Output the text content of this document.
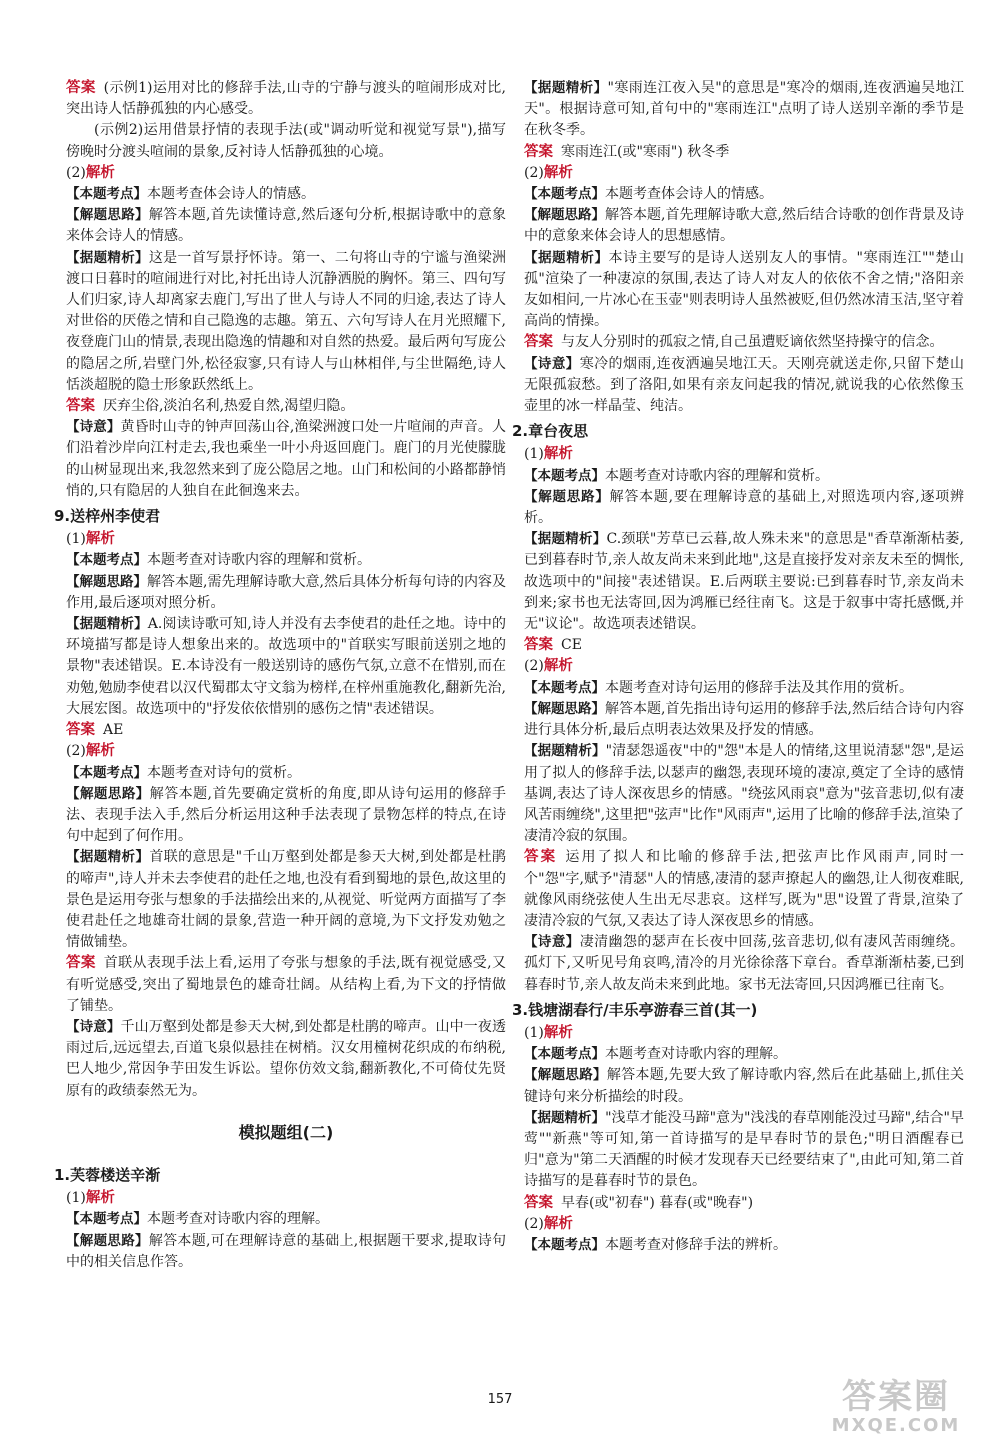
答案 (示例1)运用对比的修辞手法,山寺的宁静与渡头的喧闹形成对比,突出诗人恬静孤独的内心感受。

(示例2)运用借景抒情的表现手法(或"调动听觉和视觉写景"),描写傍晚时分渡头喧闹的景象,反衬诗人恬静孤独的心境。

(2)解析

【本题考点】本题考查体会诗人的情感。

【解题思路】解答本题,首先读懂诗意,然后逐句分析,根据诗歌中的意象来体会诗人的情感。

【据题精析】这是一首写景抒怀诗。第一、二句将山寺的宁谧与渔梁洲渡口日暮时的喧闹进行对比,衬托出诗人沉静洒脱的胸怀。第三、四句写人们归家,诗人却离家去鹿门,写出了世人与诗人不同的归途,表达了诗人对世俗的厌倦之情和自己隐逸的志趣。第五、六句写诗人在月光照耀下,夜登鹿门山的情景,表现出隐逸的情趣和对自然的热爱。最后两句写庞公的隐居之所,岩壁门外,松径寂寥,只有诗人与山林相伴,与尘世隔绝,诗人恬淡超脱的隐士形象跃然纸上。

答案 厌弃尘俗,淡泊名利,热爱自然,渴望归隐。

【诗意】黄昏时山寺的钟声回荡山谷,渔梁洲渡口处一片喧闹的声音。人们沿着沙岸向江村走去,我也乘坐一叶小舟返回鹿门。鹿门的月光使朦胧的山树显现出来,我忽然来到了庞公隐居之地。山门和松间的小路都静悄悄的,只有隐居的人独自在此徊逸来去。

9.送梓州李使君

(1)解析

【本题考点】本题考查对诗歌内容的理解和赏析。

【解题思路】解答本题,需先理解诗歌大意,然后具体分析每句诗的内容及作用,最后逐项对照分析。

【据题精析】A.阅读诗歌可知,诗人并没有去李使君的赴任之地。诗中的环境描写都是诗人想象出来的。故选项中的"首联实写眼前送别之地的景物"表述错误。E.本诗没有一般送别诗的感伤气氛,立意不在惜别,而在劝勉,勉励李使君以汉代蜀郡太守文翁为榜样,在梓州重施教化,翻新先治,大展宏图。故选项中的"抒发依依惜别的感伤之情"表述错误。

答案 AE

(2)解析

【本题考点】本题考查对诗句的赏析。

【解题思路】解答本题,首先要确定赏析的角度,即从诗句运用的修辞手法、表现手法入手,然后分析运用这种手法表现了景物怎样的特点,在诗句中起到了何作用。

【据题精析】首联的意思是"千山万壑到处都是参天大树,到处都是杜鹃的啼声",诗人并未去李使君的赴任之地,也没有看到蜀地的景色,故这里的景色是运用夸张与想象的手法描绘出来的,从视觉、听觉两方面描写了李使君赴任之地雄奇壮阔的景象,营造一种开阔的意境,为下文抒发劝勉之情做铺垫。

答案 首联从表现手法上看,运用了夸张与想象的手法,既有视觉感受,又有听觉感受,突出了蜀地景色的雄奇壮阔。从结构上看,为下文的抒情做了铺垫。

【诗意】千山万壑到处都是参天大树,到处都是杜鹃的啼声。山中一夜透雨过后,远远望去,百道飞泉似悬挂在树梢。汉女用橦树花织成的布纳税,巴人地少,常因争芋田发生诉讼。望你仿效文翁,翻新教化,不可倚仗先贤原有的政绩泰然无为。

模拟题组(二)
1.芙蓉楼送辛渐

(1)解析

【本题考点】本题考查对诗歌内容的理解。

【解题思路】解答本题,可在理解诗意的基础上,根据题干要求,提取诗句中的相关信息作答。

【据题精析】"寒雨连江夜入吴"的意思是"寒冷的烟雨,连夜洒遍吴地江天"。根据诗意可知,首句中的"寒雨连江"点明了诗人送别辛渐的季节是在秋冬季。

答案 寒雨连江(或"寒雨") 秋冬季

(2)解析

【本题考点】本题考查体会诗人的情感。

【解题思路】解答本题,首先理解诗歌大意,然后结合诗歌的创作背景及诗中的意象来体会诗人的思想感情。

【据题精析】本诗主要写的是诗人送别友人的事情。"寒雨连江""楚山孤"渲染了一种凄凉的氛围,表达了诗人对友人的依依不舍之情;"洛阳亲友如相问,一片冰心在玉壶"则表明诗人虽然被贬,但仍然冰清玉洁,坚守着高尚的情操。

答案 与友人分别时的孤寂之情,自己虽遭贬谪依然坚持操守的信念。

【诗意】寒冷的烟雨,连夜洒遍吴地江天。天刚亮就送走你,只留下楚山无限孤寂愁。到了洛阳,如果有亲友问起我的情况,就说我的心依然像玉壶里的冰一样晶莹、纯洁。

2.章台夜思

(1)解析

【本题考点】本题考查对诗歌内容的理解和赏析。

【解题思路】解答本题,要在理解诗意的基础上,对照选项内容,逐项辨析。

【据题精析】C.颈联"芳草已云暮,故人殊未来"的意思是"香草渐渐枯萎,已到暮春时节,亲人故友尚未来到此地",这是直接抒发对亲友未至的惆怅,故选项中的"间接"表述错误。E.后两联主要说:已到暮春时节,亲友尚未到来;家书也无法寄回,因为鸿雁已经往南飞。这是于叙事中寄托感慨,并无"议论"。故选项表述错误。

答案 CE

(2)解析

【本题考点】本题考查对诗句运用的修辞手法及其作用的赏析。

【解题思路】解答本题,首先指出诗句运用的修辞手法,然后结合诗句内容进行具体分析,最后点明表达效果及抒发的情感。

【据题精析】"清瑟怨遥夜"中的"怨"本是人的情绪,这里说清瑟"怨",是运用了拟人的修辞手法,以瑟声的幽怨,表现环境的凄凉,奠定了全诗的感情基调,表达了诗人深夜思乡的情感。"绕弦风雨哀"意为"弦音悲切,似有凄风苦雨缠绕",这里把"弦声"比作"风雨声",运用了比喻的修辞手法,渲染了凄清冷寂的氛围。

答案 运用了拟人和比喻的修辞手法,把弦声比作风雨声,同时一个"怨"字,赋予"清瑟"人的情感,凄清的瑟声撩起人的幽怨,让人彻夜难眠,就像风雨绕弦使人生出无尽悲哀。这样写,既为"思"设置了背景,渲染了凄清冷寂的气氛,又表达了诗人深夜思乡的情感。

【诗意】凄清幽怨的瑟声在长夜中回荡,弦音悲切,似有凄风苦雨缠绕。孤灯下,又听见号角哀鸣,清冷的月光徐徐落下章台。香草渐渐枯萎,已到暮春时节,亲人故友尚未来到此地。家书无法寄回,只因鸿雁已往南飞。

3.钱塘湖春行/丰乐亭游春三首(其一)

(1)解析

【本题考点】本题考查对诗歌内容的理解。

【解题思路】解答本题,先要大致了解诗歌内容,然后在此基础上,抓住关键诗句来分析描绘的时段。

【据题精析】"浅草才能没马蹄"意为"浅浅的春草刚能没过马蹄",结合"早莺""新燕"等可知,第一首诗描写的是早春时节的景色;"明日酒醒春已归"意为"第二天酒醒的时候才发现春天已经要结束了",由此可知,第二首诗描写的是暮春时节的景色。

答案 早春(或"初春") 暮春(或"晚春")

(2)解析

【本题考点】本题考查对修辞手法的辨析。

157	答案圈
MXQE.COM
